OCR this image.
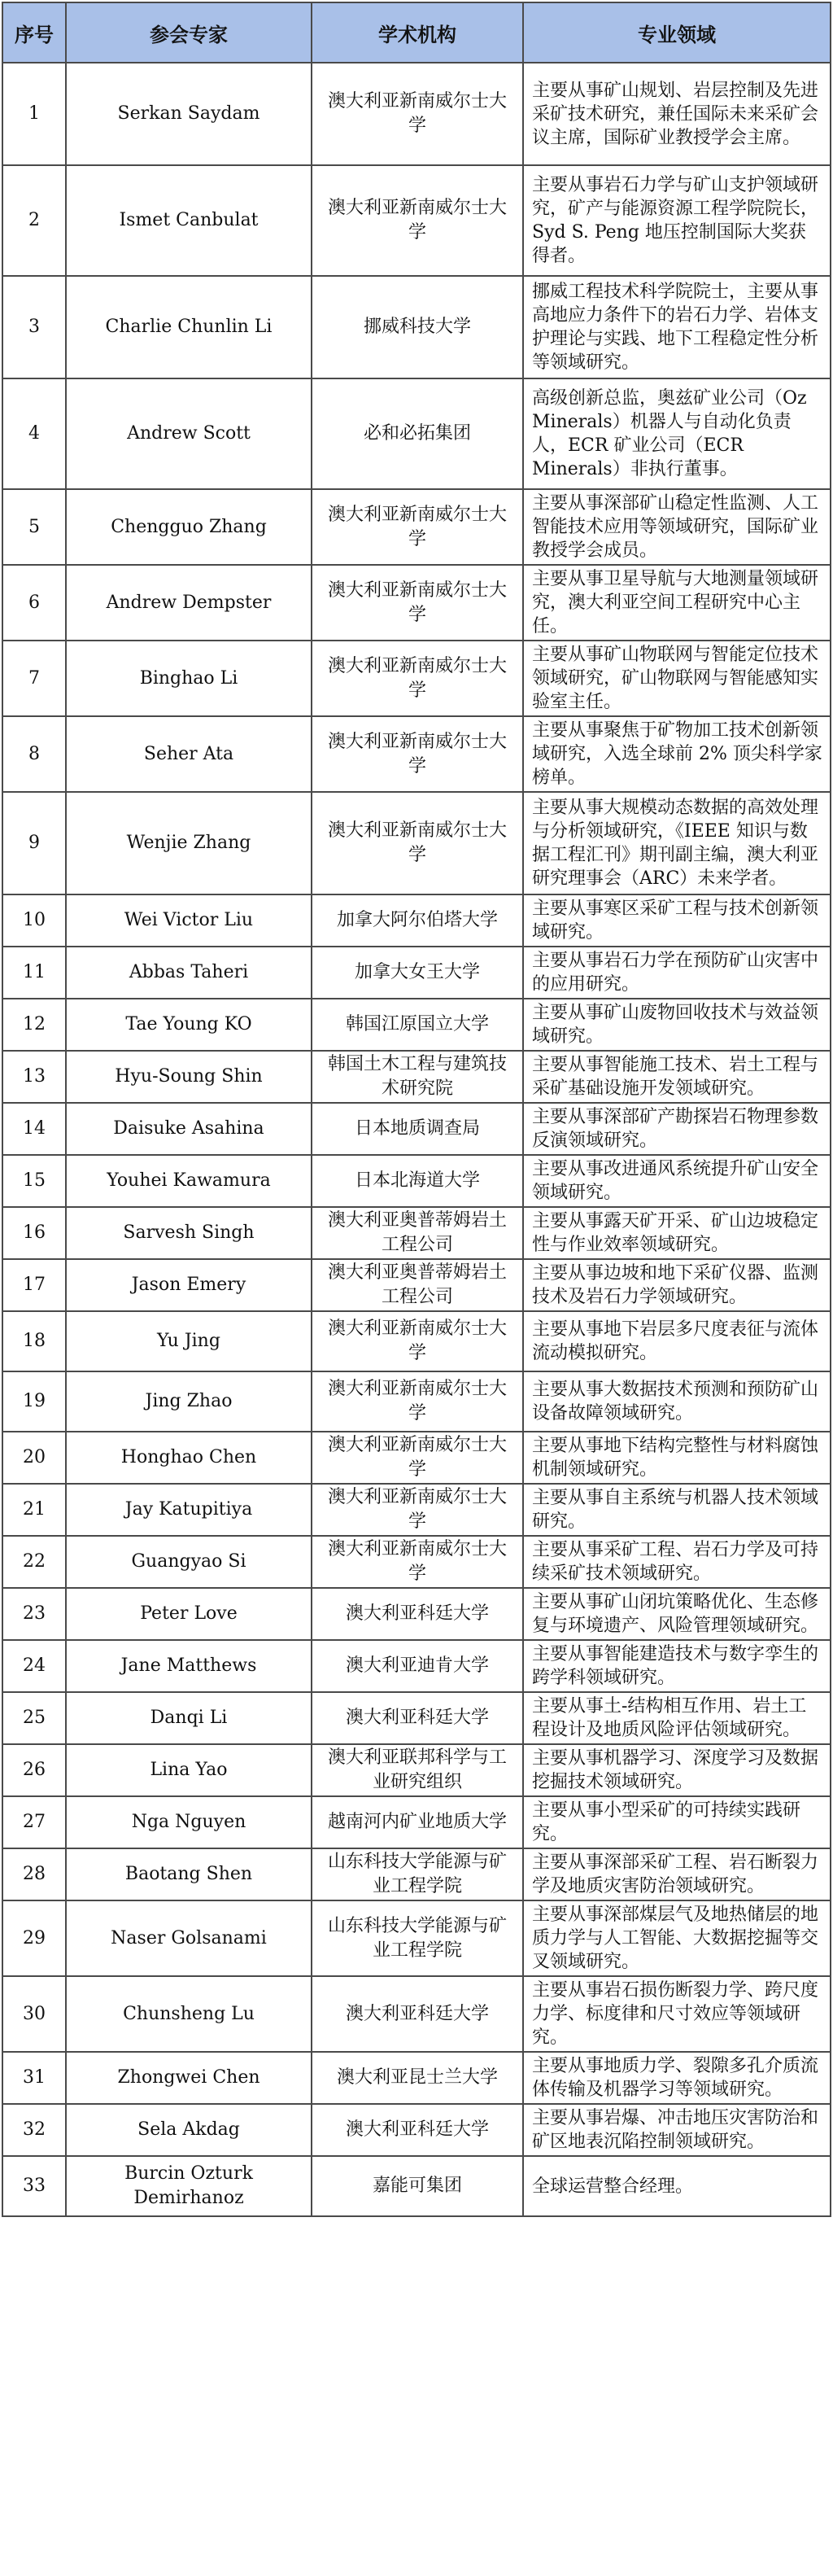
序号	参会专家	学术机构	专业领域
1	Serkan Saydam	澳大利亚新南威尔士大学	主要从事矿山规划、岩层控制及先进采矿技术研究，兼任国际未来采矿会议主席，国际矿业教授学会主席。
2	Ismet Canbulat	澳大利亚新南威尔士大学	主要从事岩石力学与矿山支护领域研究，矿产与能源资源工程学院院长，Syd S. Peng 地压控制国际大奖获得者。
3	Charlie Chunlin Li	挪威科技大学	挪威工程技术科学院院士，主要从事高地应力条件下的岩石力学、岩体支护理论与实践、地下工程稳定性分析等领域研究。
4	Andrew Scott	必和必拓集团	高级创新总监，奥兹矿业公司（Oz Minerals）机器人与自动化负责人，ECR 矿业公司（ECR Minerals）非执行董事。
5	Chengguo Zhang	澳大利亚新南威尔士大学	主要从事深部矿山稳定性监测、人工智能技术应用等领域研究，国际矿业教授学会成员。
6	Andrew Dempster	澳大利亚新南威尔士大学	主要从事卫星导航与大地测量领域研究，澳大利亚空间工程研究中心主任。
7	Binghao Li	澳大利亚新南威尔士大学	主要从事矿山物联网与智能定位技术领域研究，矿山物联网与智能感知实验室主任。
8	Seher Ata	澳大利亚新南威尔士大学	主要从事聚焦于矿物加工技术创新领域研究，入选全球前 2% 顶尖科学家榜单。
9	Wenjie Zhang	澳大利亚新南威尔士大学	主要从事大规模动态数据的高效处理与分析领域研究，《IEEE 知识与数据工程汇刊》期刊副主编，澳大利亚研究理事会（ARC）未来学者。
10	Wei Victor Liu	加拿大阿尔伯塔大学	主要从事寒区采矿工程与技术创新领域研究。
11	Abbas Taheri	加拿大女王大学	主要从事岩石力学在预防矿山灾害中的应用研究。
12	Tae Young KO	韩国江原国立大学	主要从事矿山废物回收技术与效益领域研究。
13	Hyu-Soung Shin	韩国土木工程与建筑技术研究院	主要从事智能施工技术、岩土工程与采矿基础设施开发领域研究。
14	Daisuke Asahina	日本地质调查局	主要从事深部矿产勘探岩石物理参数反演领域研究。
15	Youhei Kawamura	日本北海道大学	主要从事改进通风系统提升矿山安全领域研究。
16	Sarvesh Singh	澳大利亚奥普蒂姆岩土工程公司	主要从事露天矿开采、矿山边坡稳定性与作业效率领域研究。
17	Jason Emery	澳大利亚奥普蒂姆岩土工程公司	主要从事边坡和地下采矿仪器、监测技术及岩石力学领域研究。
18	Yu Jing	澳大利亚新南威尔士大学	主要从事地下岩层多尺度表征与流体流动模拟研究。
19	Jing Zhao	澳大利亚新南威尔士大学	主要从事大数据技术预测和预防矿山设备故障领域研究。
20	Honghao Chen	澳大利亚新南威尔士大学	主要从事地下结构完整性与材料腐蚀机制领域研究。
21	Jay Katupitiya	澳大利亚新南威尔士大学	主要从事自主系统与机器人技术领域研究。
22	Guangyao Si	澳大利亚新南威尔士大学	主要从事采矿工程、岩石力学及可持续采矿技术领域研究。
23	Peter Love	澳大利亚科廷大学	主要从事矿山闭坑策略优化、生态修复与环境遗产、风险管理领域研究。
24	Jane Matthews	澳大利亚迪肯大学	主要从事智能建造技术与数字孪生的跨学科领域研究。
25	Danqi Li	澳大利亚科廷大学	主要从事土-结构相互作用、岩土工程设计及地质风险评估领域研究。
26	Lina Yao	澳大利亚联邦科学与工业研究组织	主要从事机器学习、深度学习及数据挖掘技术领域研究。
27	Nga Nguyen	越南河内矿业地质大学	主要从事小型采矿的可持续实践研究。
28	Baotang Shen	山东科技大学能源与矿业工程学院	主要从事深部采矿工程、岩石断裂力学及地质灾害防治领域研究。
29	Naser Golsanami	山东科技大学能源与矿业工程学院	主要从事深部煤层气及地热储层的地质力学与人工智能、大数据挖掘等交叉领域研究。
30	Chunsheng Lu	澳大利亚科廷大学	主要从事岩石损伤断裂力学、跨尺度力学、标度律和尺寸效应等领域研究。
31	Zhongwei Chen	澳大利亚昆士兰大学	主要从事地质力学、裂隙多孔介质流体传输及机器学习等领域研究。
32	Sela Akdag	澳大利亚科廷大学	主要从事岩爆、冲击地压灾害防治和矿区地表沉陷控制领域研究。
33	Burcin Ozturk Demirhanoz	嘉能可集团	全球运营整合经理。
